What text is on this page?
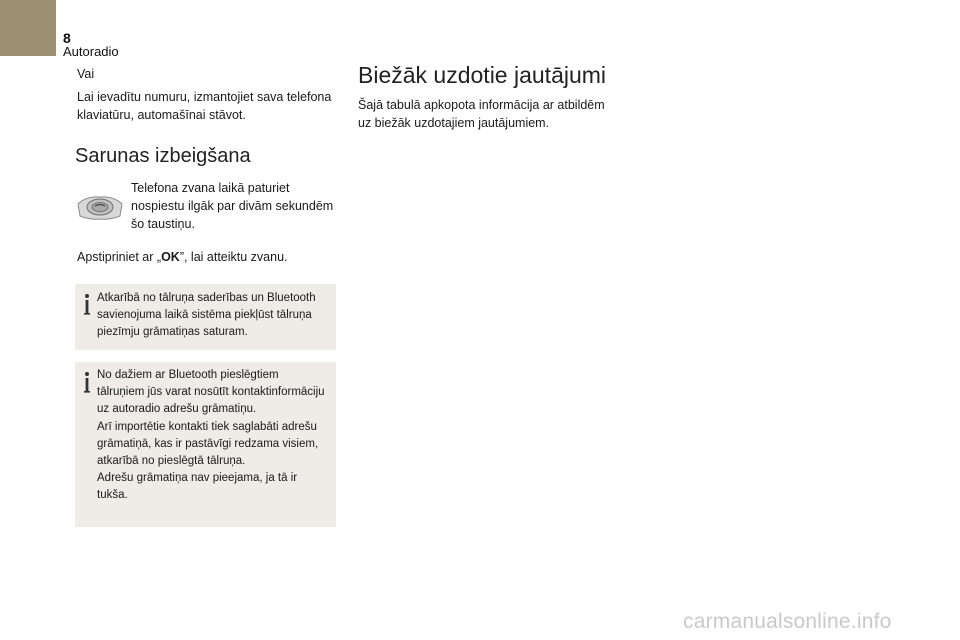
8
Autoradio
Vai
Lai ievadītu numuru, izmantojiet sava telefona klaviatūru, automašīnai stāvot.
Sarunas izbeigšana
Telefona zvana laikā paturiet nospiestu ilgāk par divām sekundēm šo taustiņu.
Apstipriniet ar „OK”, lai atteiktu zvanu.
Atkarībā no tālruņa saderības un Bluetooth savienojuma laikā sistēma piekļūst tālruņa piezīmju grāmatiņas saturam.
No dažiem ar Bluetooth pieslēgtiem tālruņiem jūs varat nosūtīt kontaktinformāciju uz autoradio adrešu grāmatiņu.
Arī importētie kontakti tiek saglabāti adrešu grāmatiņā, kas ir pastāvīgi redzama visiem, atkarībā no pieslēgtā tālruņa.
Adrešu grāmatiņa nav pieejama, ja tā ir tukša.
Biežāk uzdotie jautājumi
Šajā tabulā apkopota informācija ar atbildēm uz biežāk uzdotajiem jautājumiem.
carmanualsonline.info
